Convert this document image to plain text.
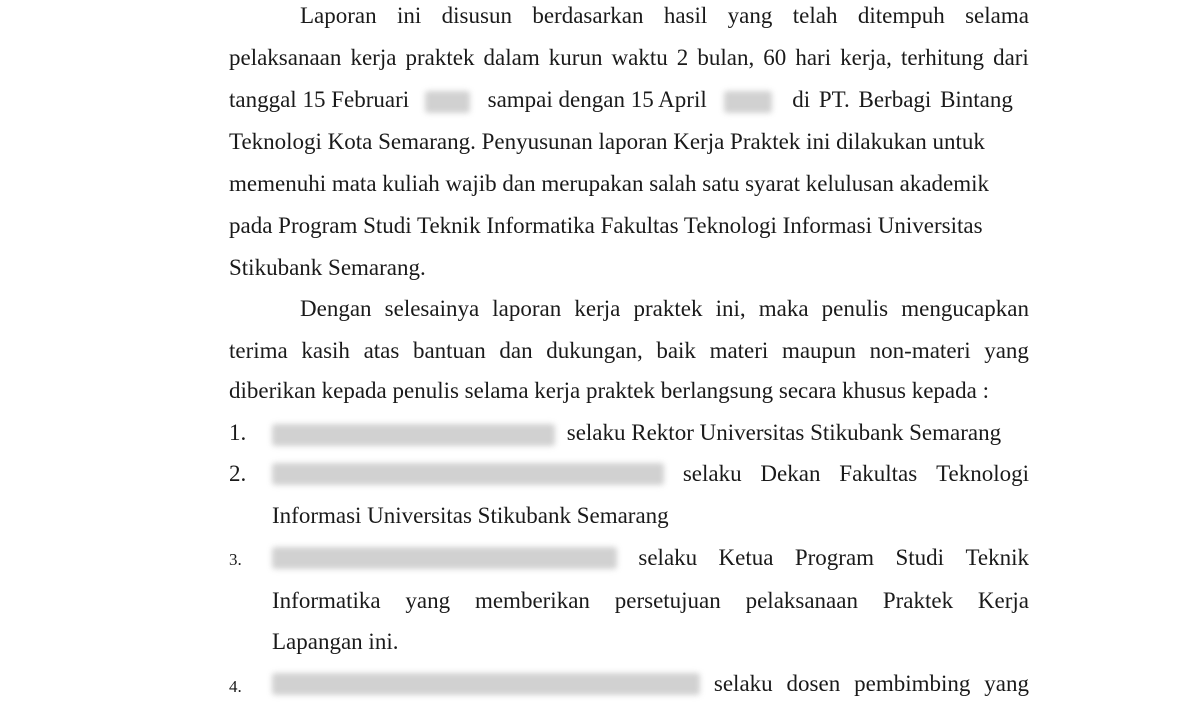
Laporan ini disusun berdasarkan hasil yang telah ditempuh selama
pelaksanaan kerja praktek dalam kurun waktu 2 bulan, 60 hari kerja, terhitung dari
tanggal 15 Februari	sampai dengan 15 April	di PT. Berbagi Bintang
Teknologi Kota Semarang. Penyusunan laporan Kerja Praktek ini dilakukan untuk
memenuhi mata kuliah wajib dan merupakan salah satu syarat kelulusan akademik
pada Program Studi Teknik Informatika Fakultas Teknologi Informasi Universitas
Stikubank Semarang.
Dengan selesainya laporan kerja praktek ini, maka penulis mengucapkan
terima kasih atas bantuan dan dukungan, baik materi maupun non-materi yang
diberikan kepada penulis selama kerja praktek berlangsung secara khusus kepada :
1.	selaku Rektor Universitas Stikubank Semarang
2.	selaku Dekan Fakultas Teknologi
Informasi Universitas Stikubank Semarang
3.	selaku Ketua Program Studi Teknik
Informatika yang memberikan persetujuan pelaksanaan Praktek Kerja
Lapangan ini.
4.	selaku dosen pembimbing yang
